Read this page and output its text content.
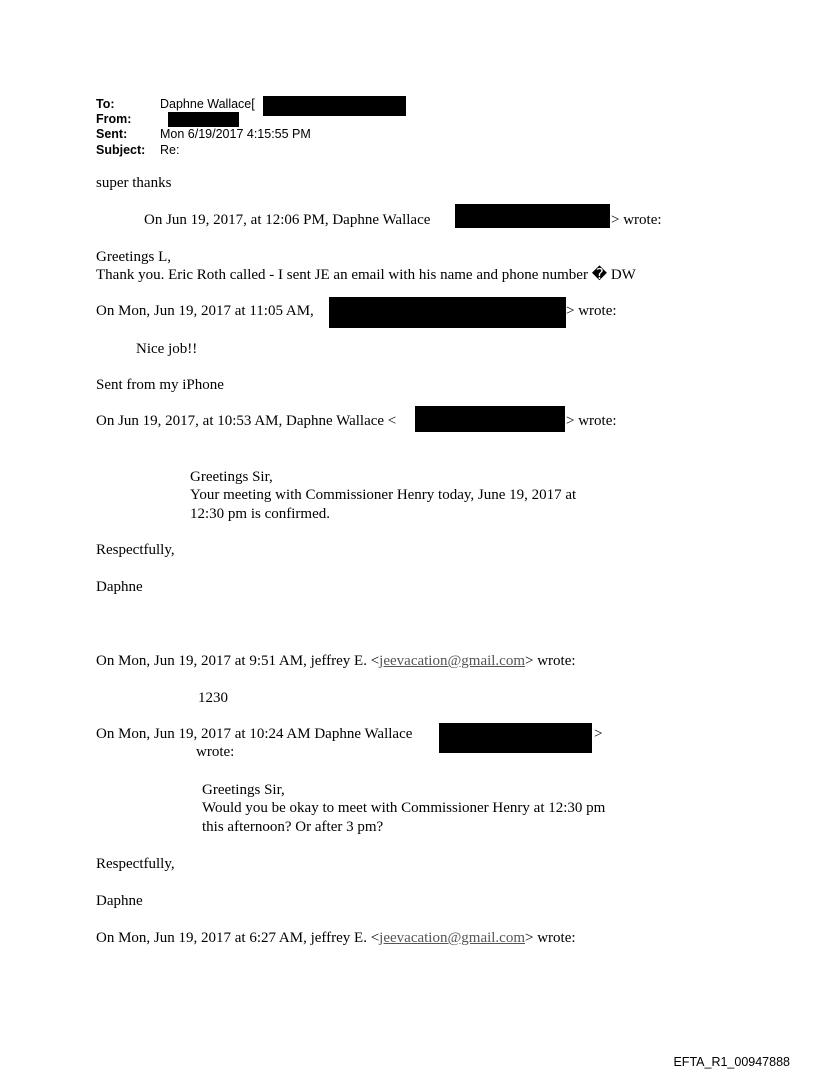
To:	Daphne Wallace[
From:
Sent:	Mon 6/19/2017 4:15:55 PM
Subject: Re:
super thanks
On Jun 19, 2017, at 12:06 PM, Daphne Wallace	> wrote:
Greetings L,
Thank you. Eric Roth called - I sent JE an email with his name and phone number � DW
On Mon, Jun 19, 2017 at 11:05 AM,	> wrote:
Nice job!!
Sent from my iPhone
On Jun 19, 2017, at 10:53 AM, Daphne Wallace <	> wrote:
Greetings Sir,
Your meeting with Commissioner Henry today, June 19, 2017 at
12:30 pm is confirmed.
Respectfully,
Daphne
On Mon, Jun 19, 2017 at 9:51 AM, jeffrey E. <jeevacation@gmail.com> wrote:
1230
On Mon, Jun 19, 2017 at 10:24 AM Daphne Wallace	>
wrote:
Greetings Sir,
Would you be okay to meet with Commissioner Henry at 12:30 pm
this afternoon? Or after 3 pm?
Respectfully,
Daphne
On Mon, Jun 19, 2017 at 6:27 AM, jeffrey E. <jeevacation@gmail.com> wrote:
EFTA_R1_00947888
